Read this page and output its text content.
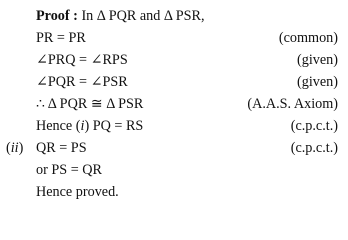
Proof : In Δ PQR and Δ PSR,
PR = PR	(common)
∠PRQ = ∠RPS	(given)
∠PQR = ∠PSR	(given)
∴ Δ PQR ≅ Δ PSR	(A.A.S. Axiom)
Hence (i) PQ = RS	(c.p.c.t.)
(ii) QR = PS	(c.p.c.t.)
or PS = QR
Hence proved.
